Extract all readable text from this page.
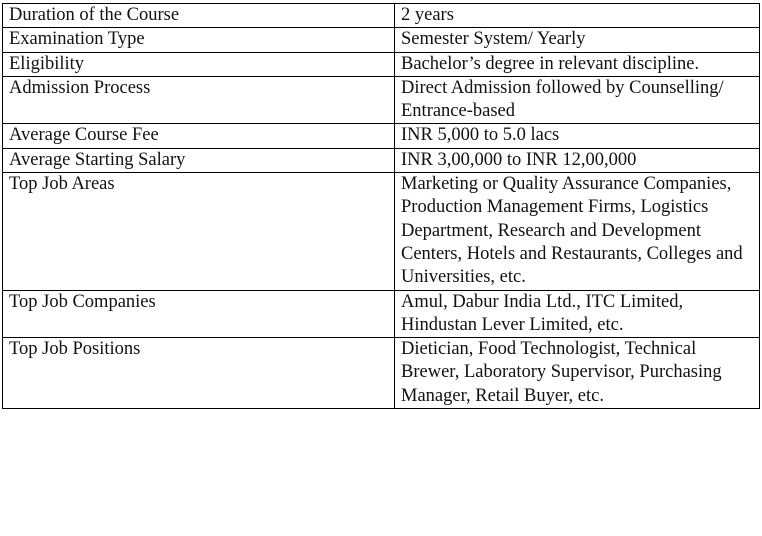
Duration of the Course	2 years
Examination Type	Semester System/ Yearly
Eligibility	Bachelor’s degree in relevant discipline.
Admission Process	Direct Admission followed by Counselling/ Entrance-based
Average Course Fee	INR 5,000 to 5.0 lacs
Average Starting Salary	INR 3,00,000 to INR 12,00,000
Top Job Areas	Marketing or Quality Assurance Companies, Production Management Firms, Logistics Department, Research and Development Centers, Hotels and Restaurants, Colleges and Universities, etc.
Top Job Companies	Amul, Dabur India Ltd., ITC Limited, Hindustan Lever Limited, etc.
Top Job Positions	Dietician, Food Technologist, Technical Brewer, Laboratory Supervisor, Purchasing Manager, Retail Buyer, etc.
